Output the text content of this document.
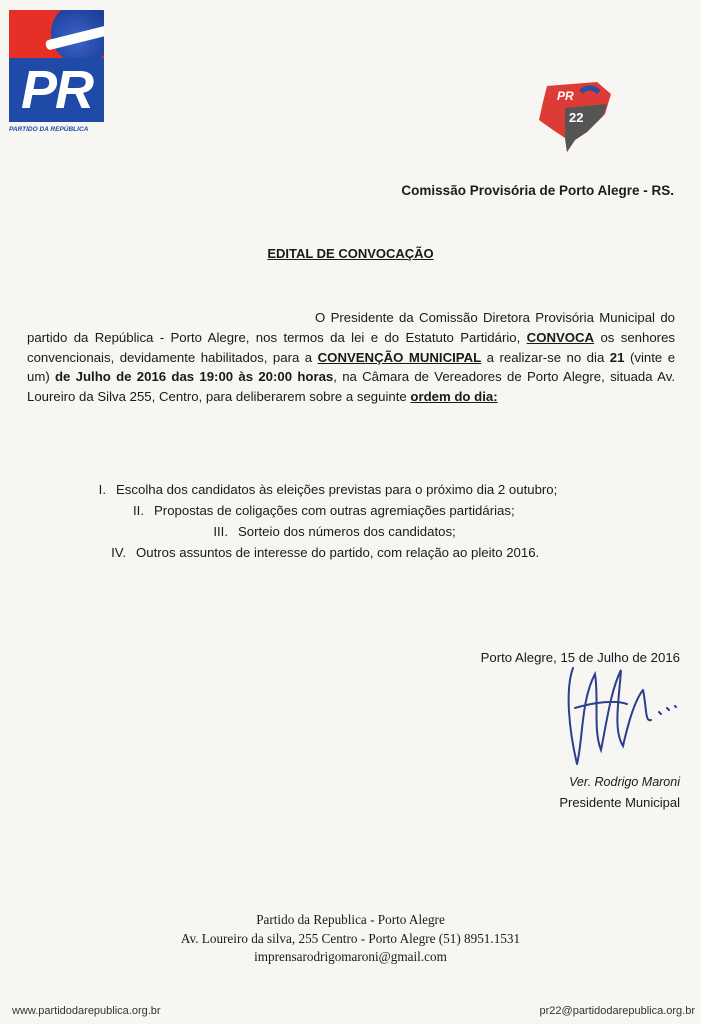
PR
PARTIDO DA REPÚBLICA
PR
22
Comissão Provisória de Porto Alegre - RS.
EDITAL DE CONVOCAÇÃO
O Presidente da Comissão Diretora Provisória Municipal do partido da República - Porto Alegre, nos termos da lei e do Estatuto Partidário, CONVOCA os senhores convencionais, devidamente habilitados, para a CONVENÇÃO MUNICIPAL a realizar-se no dia 21 (vinte e um) de Julho de 2016 das 19:00 às 20:00 horas, na Câmara de Vereadores de Porto Alegre, situada Av. Loureiro da Silva 255, Centro, para deliberarem sobre a seguinte ordem do dia:
I. Escolha dos candidatos às eleições previstas para o próximo dia 2 outubro;
II. Propostas de coligações com outras agremiações partidárias;
III. Sorteio dos números dos candidatos;
IV. Outros assuntos de interesse do partido, com relação ao pleito 2016.
Porto Alegre, 15 de Julho de 2016
Ver. Rodrigo Maroni
Presidente Municipal
Partido da Republica - Porto Alegre
Av. Loureiro da silva, 255 Centro - Porto Alegre (51) 8951.1531
imprensarodrigomaroni@gmail.com
www.partidodarepublica.org.br	pr22@partidodarepublica.org.br
